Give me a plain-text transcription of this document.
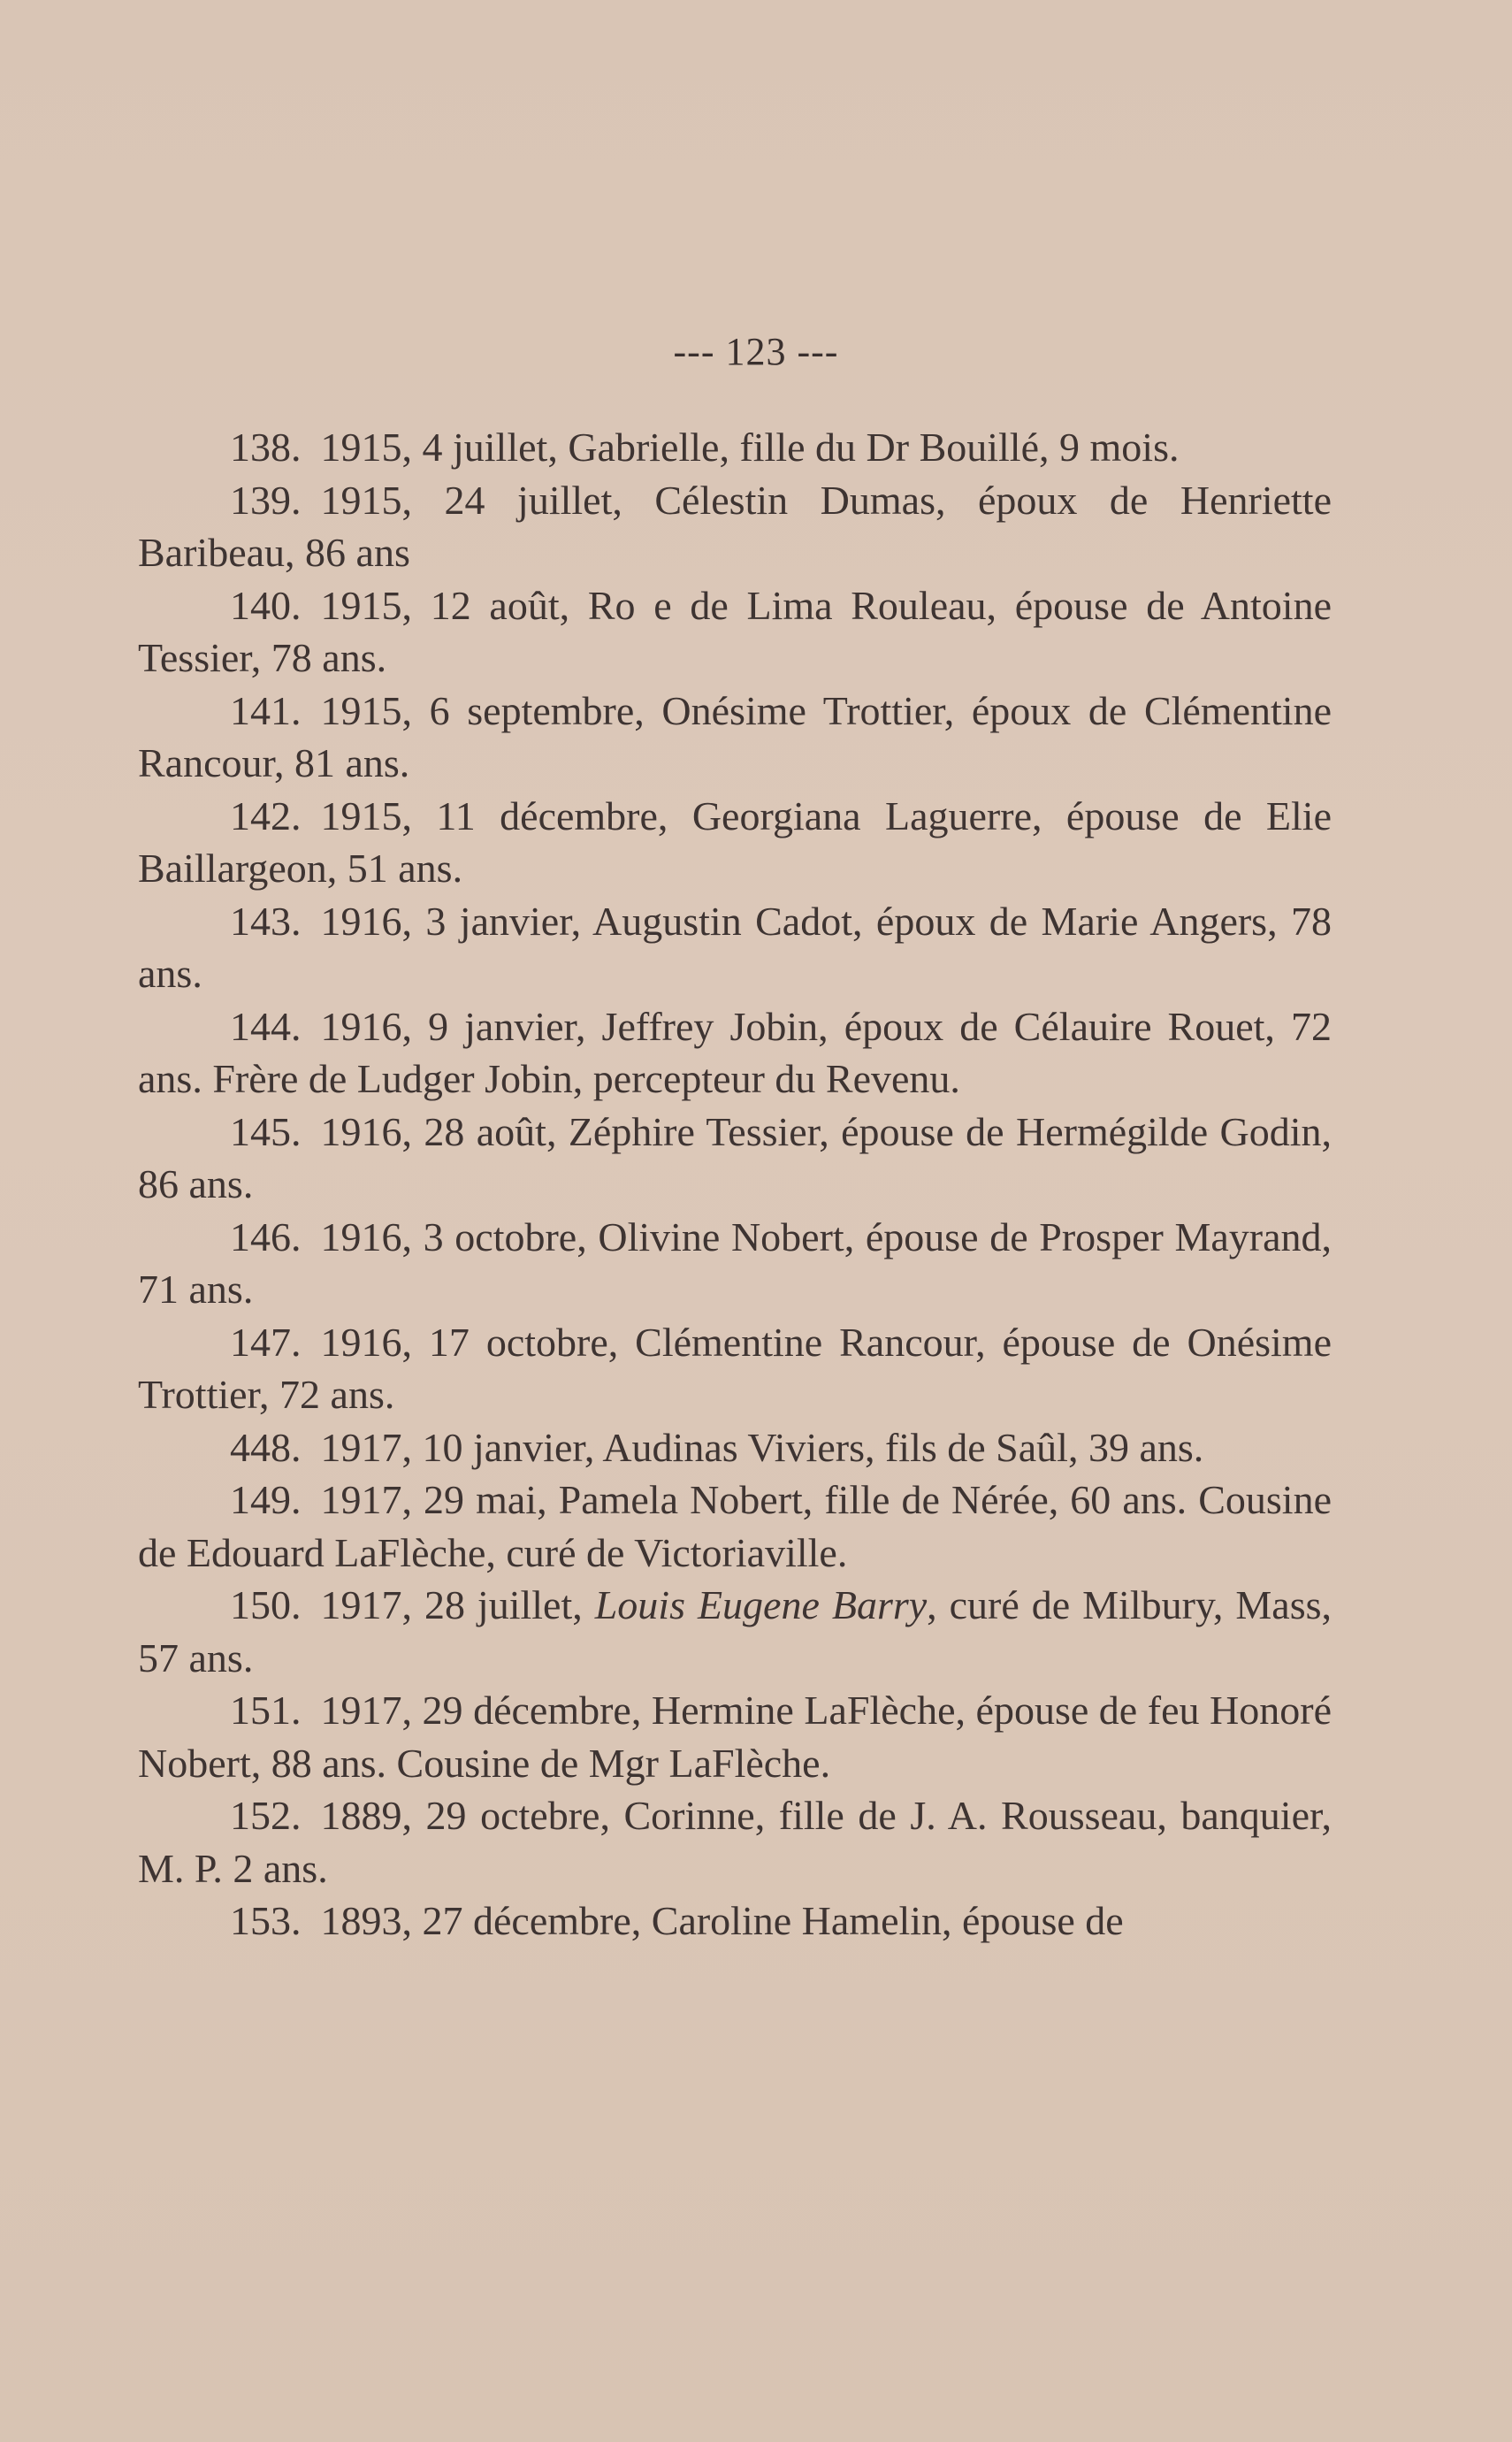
--- 123 ---

138. 1915, 4 juillet, Gabrielle, fille du Dr Bouillé, 9 mois.

139. 1915, 24 juillet, Célestin Dumas, époux de Henriette Baribeau, 86 ans

140. 1915, 12 août, Ro e de Lima Rouleau, épouse de Antoine Tessier, 78 ans.

141. 1915, 6 septembre, Onésime Trottier, époux de Clémentine Rancour, 81 ans.

142. 1915, 11 décembre, Georgiana Laguerre, épouse de Elie Baillargeon, 51 ans.

143. 1916, 3 janvier, Augustin Cadot, époux de Marie Angers, 78 ans.

144. 1916, 9 janvier, Jeffrey Jobin, époux de Célauire Rouet, 72 ans. Frère de Ludger Jobin, percepteur du Revenu.

145. 1916, 28 août, Zéphire Tessier, épouse de Hermégilde Godin, 86 ans.

146. 1916, 3 octobre, Olivine Nobert, épouse de Prosper Mayrand, 71 ans.

147. 1916, 17 octobre, Clémentine Rancour, épouse de Onésime Trottier, 72 ans.

448. 1917, 10 janvier, Audinas Viviers, fils de Saûl, 39 ans.

149. 1917, 29 mai, Pamela Nobert, fille de Nérée, 60 ans. Cousine de Edouard LaFlèche, curé de Victoriaville.

150. 1917, 28 juillet, Louis Eugene Barry, curé de Milbury, Mass, 57 ans.

151. 1917, 29 décembre, Hermine LaFlèche, épouse de feu Honoré Nobert, 88 ans. Cousine de Mgr LaFlèche.

152. 1889, 29 octebre, Corinne, fille de J. A. Rousseau, banquier, M. P. 2 ans.

153. 1893, 27 décembre, Caroline Hamelin, épouse de
